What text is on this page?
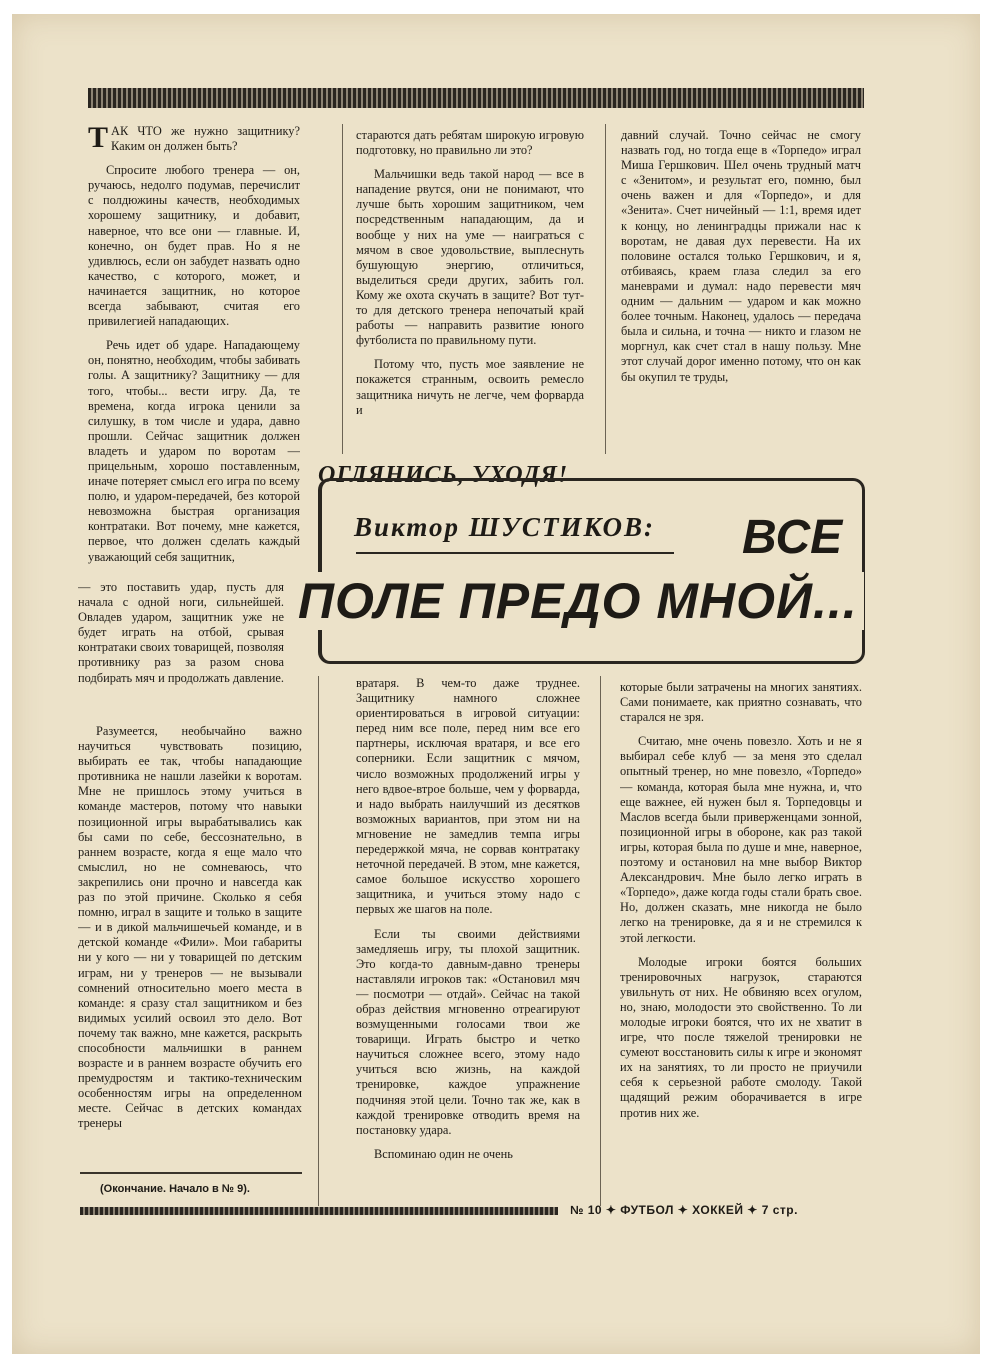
ТАК ЧТО же нужно защитнику? Каким он должен быть?

Спросите любого тренера — он, ручаюсь, недолго подумав, перечислит с полдюжины качеств, необходимых хорошему защитнику, и добавит, наверное, что все они — главные. И, конечно, он будет прав. Но я не удивлюсь, если он забудет назвать одно качество, с которого, может, и начинается защитник, но которое всегда забывают, считая его привилегией нападающих.

Речь идет об ударе. Нападающему он, понятно, необходим, чтобы забивать голы. А защитнику? Защитнику — для того, чтобы... вести игру. Да, те времена, когда игрока ценили за силушку, в том числе и удара, давно прошли. Сейчас защитник должен владеть и ударом по воротам — прицельным, хорошо поставленным, иначе потеряет смысл его игра по всему полю, и ударом-передачей, без которой невозможна быстрая организация контратаки. Вот почему, мне кажется, первое, что должен сделать каждый уважающий себя защитник,

— это поставить удар, пусть для начала с одной ноги, сильнейшей. Овладев ударом, защитник уже не будет играть на отбой, срывая контратаки своих товарищей, позволяя противнику раз за разом снова подбирать мяч и продолжать давление.

Разумеется, необычайно важно научиться чувствовать позицию, выбирать ее так, чтобы нападающие противника не нашли лазейки к воротам. Мне не пришлось этому учиться в команде мастеров, потому что навыки позиционной игры вырабатывались как бы сами по себе, бессознательно, в раннем возрасте, когда я еще мало что смыслил, но не сомневаюсь, что закрепились они прочно и навсегда как раз по этой причине. Сколько я себя помню, играл в защите и только в защите — и в дикой мальчишечьей команде, и в детской команде «Фили». Мои габариты ни у кого — ни у товарищей по детским играм, ни у тренеров — не вызывали сомнений относительно моего места в команде: я сразу стал защитником и без видимых усилий освоил это дело. Вот почему так важно, мне кажется, раскрыть способности мальчишки в раннем возрасте и в раннем возрасте обучить его премудростям и тактико-техническим особенностям игры на определенном месте. Сейчас в детских командах тренеры

стараются дать ребятам широкую игровую подготовку, но правильно ли это?

Мальчишки ведь такой народ — все в нападение рвутся, они не понимают, что лучше быть хорошим защитником, чем посредственным нападающим, да и вообще у них на уме — наиграться с мячом в свое удовольствие, выплеснуть бушующую энергию, отличиться, выделиться среди других, забить гол. Кому же охота скучать в защите? Вот тут-то для детского тренера непочатый край работы — направить развитие юного футболиста по правильному пути.

Потому что, пусть мое заявление не покажется странным, освоить ремесло защитника ничуть не легче, чем форварда и

давний случай. Точно сейчас не смогу назвать год, но тогда еще в «Торпедо» играл Миша Гершкович. Шел очень трудный матч с «Зенитом», и результат его, помню, был очень важен и для «Торпедо», и для «Зенита». Счет ничейный — 1:1, время идет к концу, но ленинградцы прижали нас к воротам, не давая дух перевести. На их половине остался только Гершкович, и я, отбиваясь, краем глаза следил за его маневрами и думал: надо перевести мяч одним — дальним — ударом и как можно более точным. Наконец, удалось — передача была и сильна, и точна — никто и глазом не моргнул, как счет стал в нашу пользу. Мне этот случай дорог именно потому, что он как бы окупил те труды,

ОГЛЯНИСЬ, УХОДЯ!
Виктор ШУСТИКОВ: ВСЕ
ПОЛЕ ПРЕДО МНОЙ...

вратаря. В чем-то даже труднее. Защитнику намного сложнее ориентироваться в игровой ситуации: перед ним все поле, перед ним все его партнеры, исключая вратаря, и все его соперники. Если защитник с мячом, число возможных продолжений игры у него вдвое-втрое больше, чем у форварда, и надо выбрать наилучший из десятков возможных вариантов, при этом ни на мгновение не замедлив темпа игры передержкой мяча, не сорвав контратаку неточной передачей. В этом, мне кажется, самое большое искусство хорошего защитника, и учиться этому надо с первых же шагов на поле.

Если ты своими действиями замедляешь игру, ты плохой защитник. Это когда-то давным-давно тренеры наставляли игроков так: «Остановил мяч — посмотри — отдай». Сейчас на такой образ действия мгновенно отреагируют возмущенными голосами твои же товарищи. Играть быстро и четко научиться сложнее всего, этому надо учиться всю жизнь, на каждой тренировке, каждое упражнение подчиняя этой цели. Точно так же, как в каждой тренировке отводить время на постановку удара.

Вспоминаю один не очень

которые были затрачены на многих занятиях. Сами понимаете, как приятно сознавать, что старался не зря.

Считаю, мне очень повезло. Хоть и не я выбирал себе клуб — за меня это сделал опытный тренер, но мне повезло, «Торпедо» — команда, которая была мне нужна, и, что еще важнее, ей нужен был я. Торпедовцы и Маслов всегда были приверженцами зонной, позиционной игры в обороне, как раз такой игры, которая была по душе и мне, наверное, поэтому и остановил на мне выбор Виктор Александрович. Мне было легко играть в «Торпедо», даже когда годы стали брать свое. Но, должен сказать, мне никогда не было легко на тренировке, да я и не стремился к этой легкости.

Молодые игроки боятся больших тренировочных нагрузок, стараются увильнуть от них. Не обвиняю всех огулом, но, знаю, молодости это свойственно. То ли молодые игроки боятся, что их не хватит в игре, что после тяжелой тренировки не сумеют восстановить силы к игре и экономят их на занятиях, то ли просто не приучили себя к серьезной работе смолоду. Такой щадящий режим оборачивается в игре против них же.

(Окончание. Начало в № 9).
№ 10 ✦ ФУТБОЛ ✦ ХОККЕЙ ✦ 7 стр.
